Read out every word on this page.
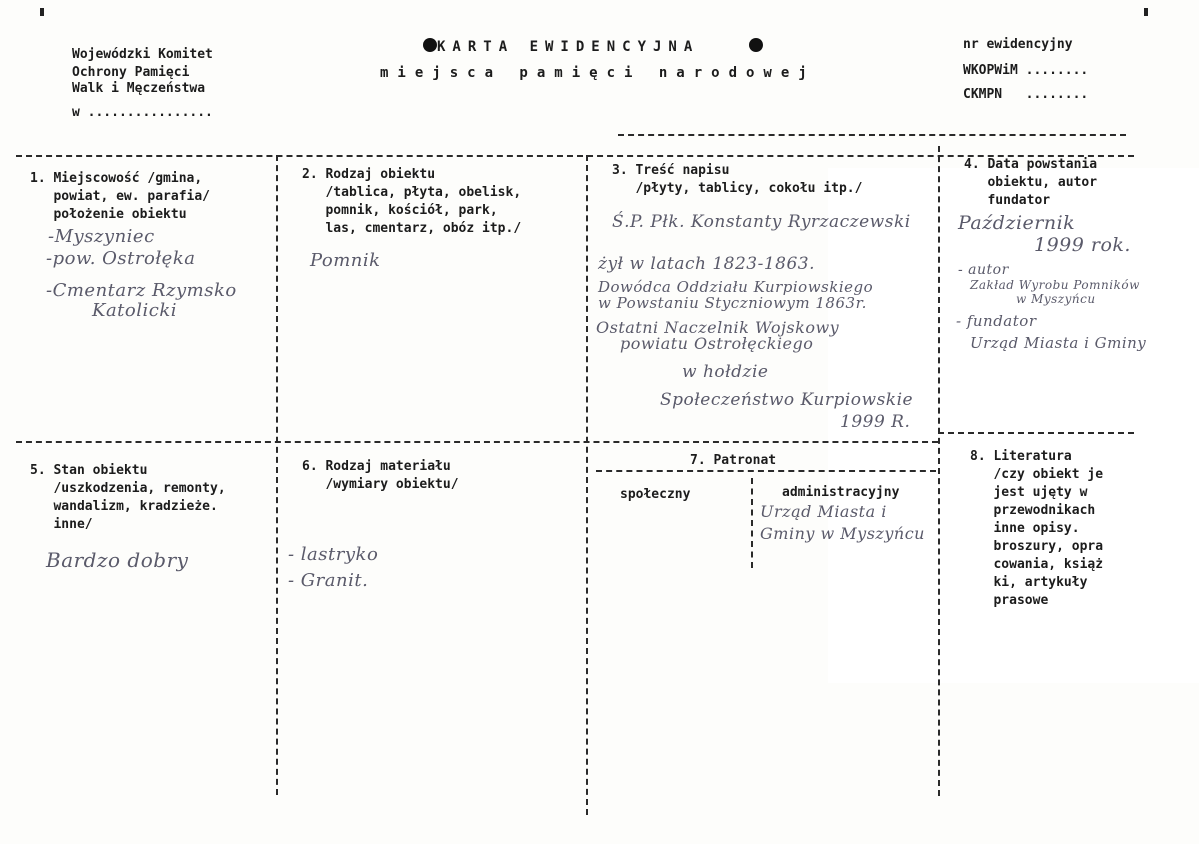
Wojewódzki Komitet
Ochrony Pamięci
Walk i Męczeństwa
w ................
KARTA EWIDENCYJNA
miejsca pamięci narodowej
nr ewidencyjny
WKOPWiM ........
CKMPN   ........
1. Miejscowość /gmina,
powiat, ew. parafia/
położenie obiektu
-Myszyniec
-pow. Ostrołęka
-Cmentarz Rzymsko
Katolicki
2. Rodzaj obiektu
/tablica, płyta, obelisk,
pomnik, kościół, park,
las, cmentarz, obóz itp./
Pomnik
3. Treść napisu
/płyty, tablicy, cokołu itp./
Ś.P. Płk. Konstanty Ryrzaczewski
żył w latach 1823-1863.
Dowódca Oddziału Kurpiowskiego
w Powstaniu Styczniowym 1863r.
Ostatni Naczelnik Wojskowy
powiatu Ostrołęckiego
w hołdzie
Społeczeństwo Kurpiowskie
1999 R.
4. Data powstania
obiektu, autor
fundator
Październik
1999 rok.
- autor
Zakład Wyrobu Pomników
w Myszyńcu
- fundator
Urząd Miasta i Gminy
5. Stan obiektu
/uszkodzenia, remonty,
wandalizm, kradzieże.
inne/
Bardzo dobry
6. Rodzaj materiału
/wymiary obiektu/
- lastryko
- Granit.
7. Patronat
społeczny	administracyjny
Urząd Miasta i
Gminy w Myszyńcu
8. Literatura
/czy obiekt je
jest ujęty w
przewodnikach
inne opisy.
broszury, opra
cowania, książ
ki, artykuły
prasowe
